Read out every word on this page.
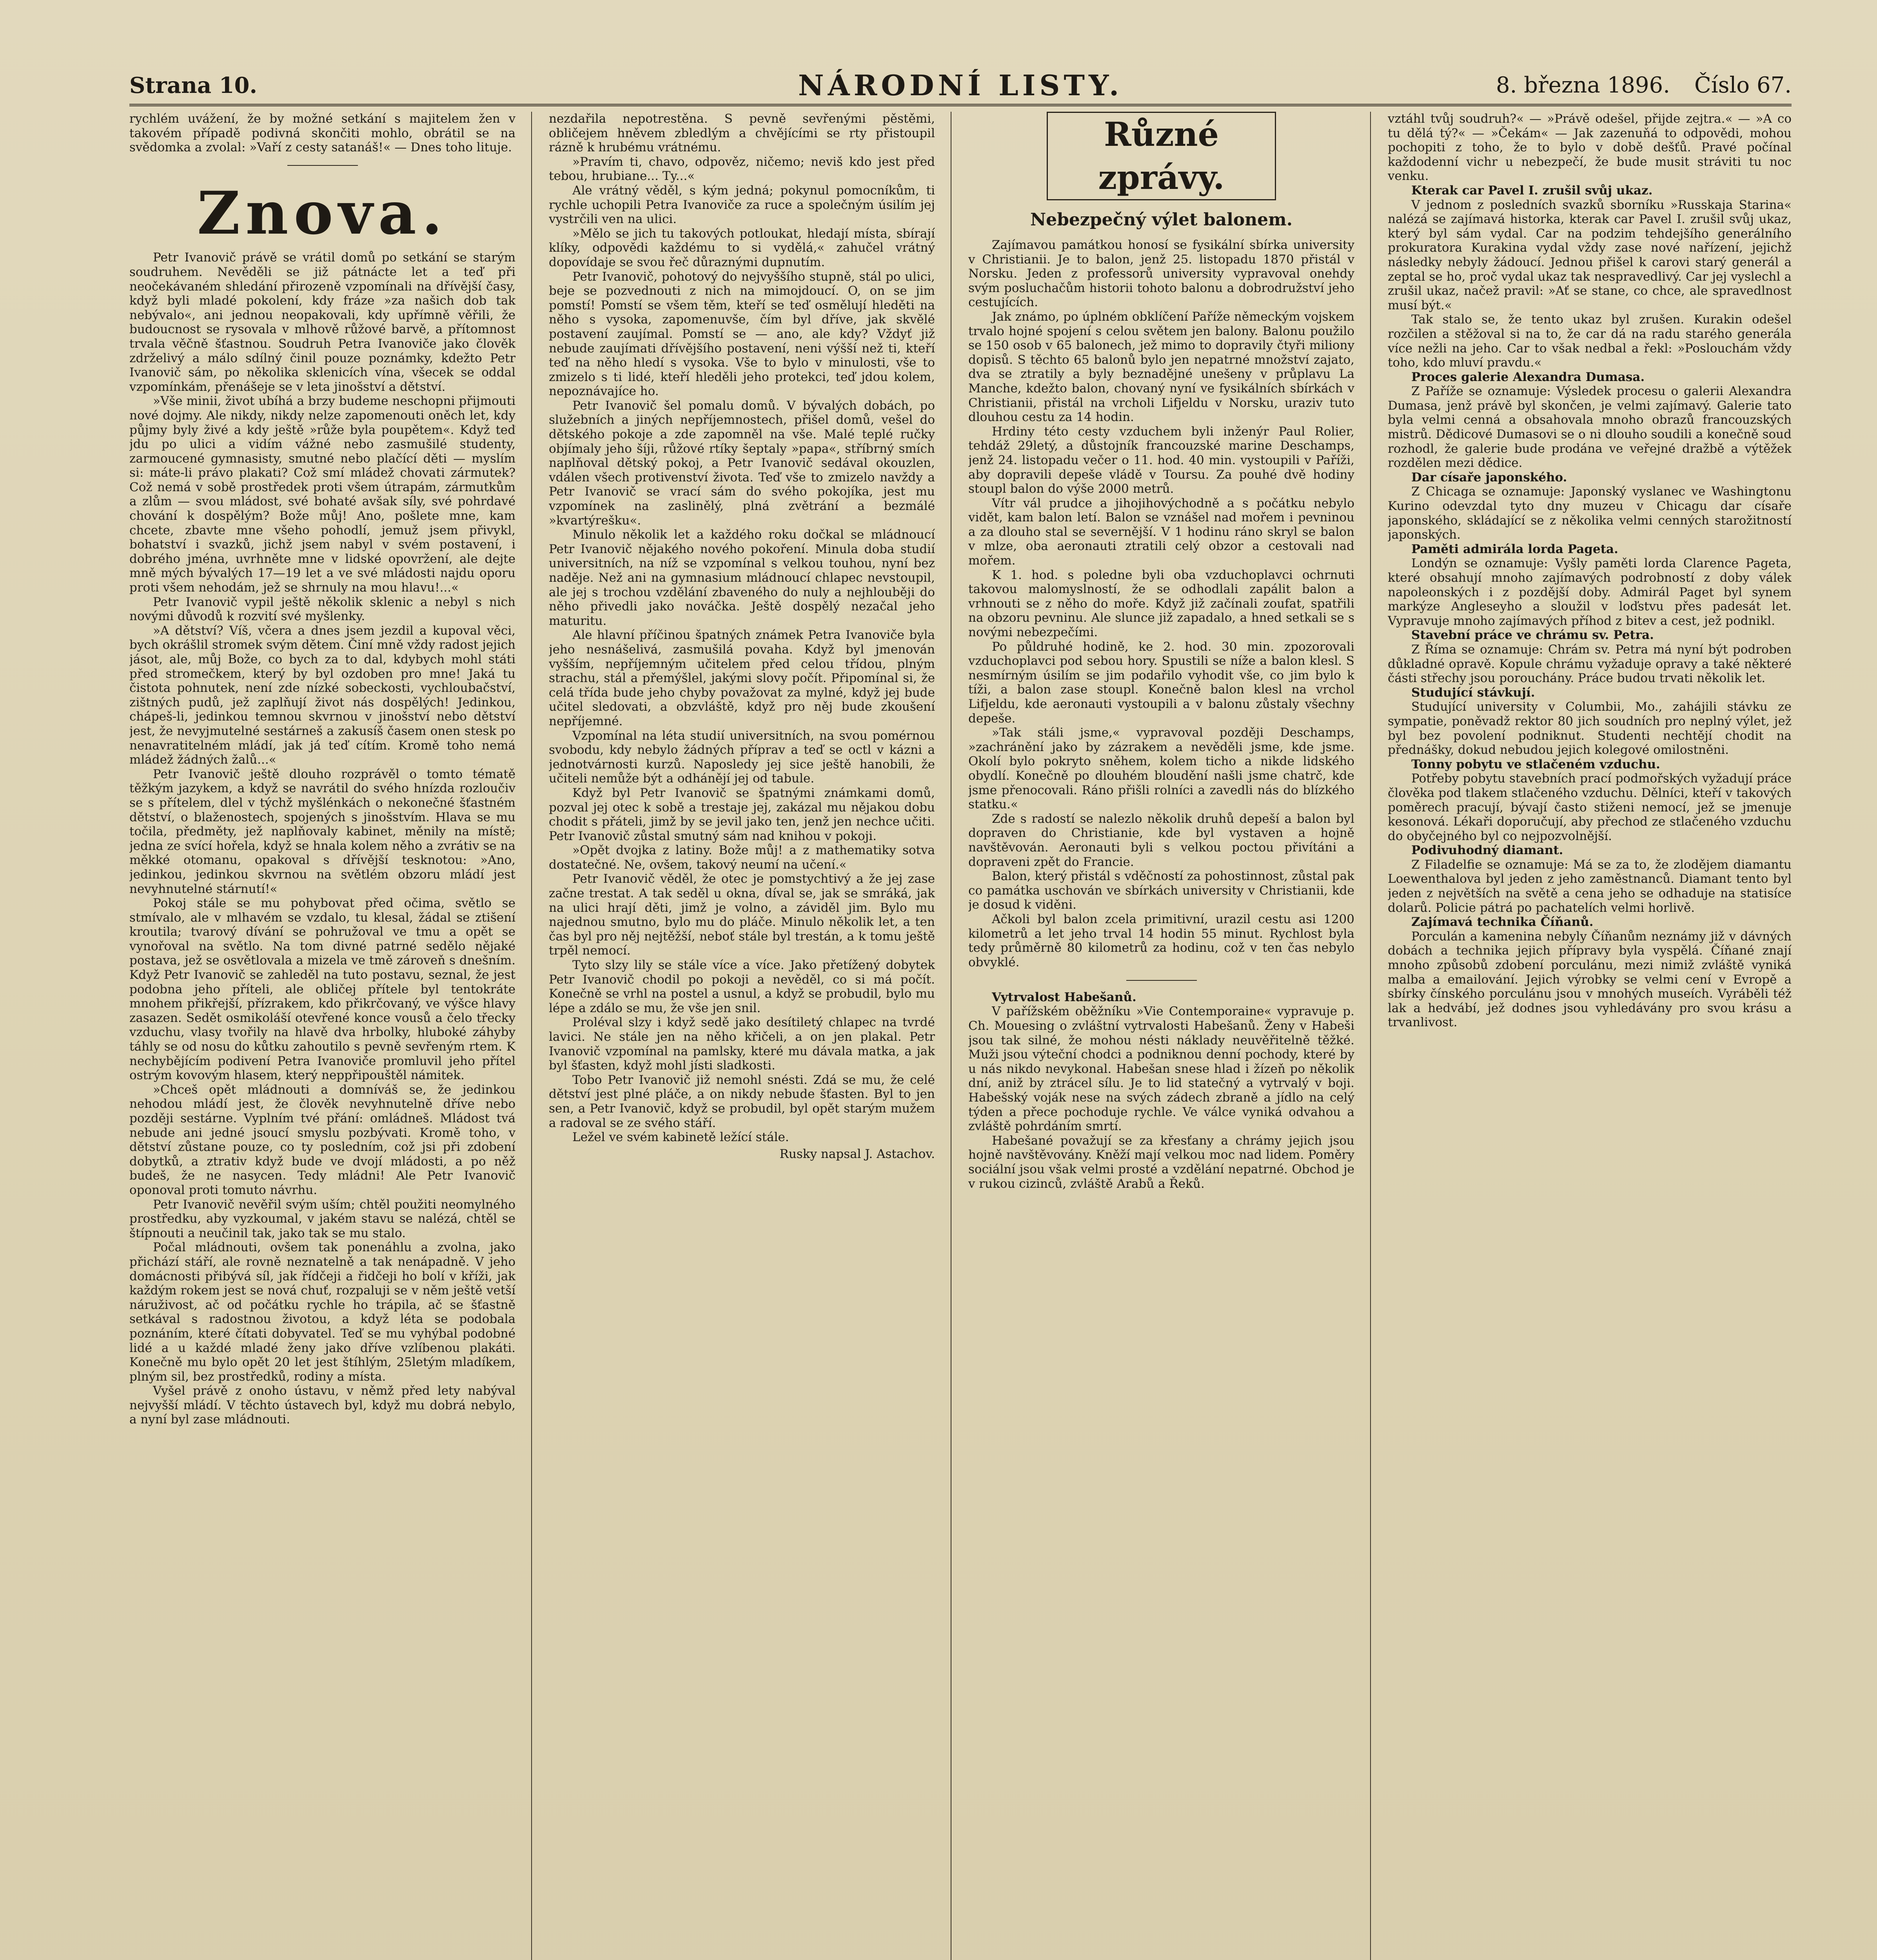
Strana 10.	NÁRODNÍ LISTY.	8. března 1896. Číslo 67.

rychlém uvážení, že by možné setkání s majitelem žen v takovém případě podivná skončiti mohlo, obrátil se na svědomka a zvolal: »Vaří z cesty satanáš!« — Dnes toho lituje.

Znova.

Petr Ivanovič právě se vrátil domů po setkání se starým soudruhem. Nevěděli se již pátnácte let a teď při neočekávaném shledání přirozeně vzpomínali na dřívější časy, když byli mladé pokolení, kdy fráze »za našich dob tak nebývalo«, ani jednou neopakovali, kdy upřímně věřili, že budoucnost se rysovala v mlhově růžové barvě, a přítomnost trvala věčně šťastnou. Soudruh Petra Ivanoviče jako člověk zdrželivý a málo sdílný činil pouze poznámky, kdežto Petr Ivanovič sám, po několika sklenicích vína, všecek se oddal vzpomínkám, přenášeje se v leta jinošství a dětství.

»Vše minii, život ubíhá a brzy budeme neschopni přijmouti nové dojmy. Ale nikdy, nikdy nelze zapomenouti oněch let, kdy půjmy byly živé a kdy ještě »růže byla poupětem«. Když teď jdu po ulici a vidím vážné nebo zasmušilé studenty, zarmoucené gymnasisty, smutné nebo plačící děti — myslím si: máte-li právo plakati? Což smí mládež chovati zármutek? Což nemá v sobě prostředek proti všem útrapám, zármutkům a zlům — svou mládost, své bohaté avšak síly, své pohrdavé chování k dospělým? Bože můj! Ano, pošlete mne, kam chcete, zbavte mne všeho pohodlí, jemuž jsem přivykl, bohatství i svazků, jichž jsem nabyl v svém postavení, i dobrého jména, uvrhněte mne v lidské opovržení, ale dejte mně mých bývalých 17—19 let a ve své mládosti najdu oporu proti všem nehodám, jež se shrnuly na mou hlavu!...«

Petr Ivanovič vypil ještě několik sklenic a nebyl s nich novými důvodů k rozvití své myšlenky.

»A dětství? Víš, včera a dnes jsem jezdil a kupoval věci, bych okrášlil stromek svým dětem. Činí mně vždy radost jejich jásot, ale, můj Bože, co bych za to dal, kdybych mohl státi před stromečkem, který by byl ozdoben pro mne! Jaká tu čistota pohnutek, není zde nízké sobeckosti, vychloubačství, zištných pudů, jež zaplňují život nás dospělých! Jedinkou, chápeš-li, jedinkou temnou skvrnou v jinošství nebo dětství jest, že nevyjmutelné sestárneš a zakusíš časem onen stesk po nenavratitelném mládí, jak já teď cítím. Kromě toho nemá mládež žádných žalů...«

Petr Ivanovič ještě dlouho rozprávěl o tomto tématě těžkým jazykem, a když se navrátil do svého hnízda rozloučiv se s přítelem, dlel v týchž myšlénkách o nekonečné šťastném dětství, o blaženostech, spojených s jinošstvím. Hlava se mu točila, předměty, jež naplňovaly kabinet, měnily na místě; jedna ze svící hořela, když se hnala kolem něho a zvrátiv se na měkké otomanu, opakoval s dřívější tesknotou: »Ano, jedinkou, jedinkou skvrnou na světlém obzoru mládí jest nevyhnutelné stárnutí!«

Pokoj stále se mu pohybovat před očima, světlo se stmívalo, ale v mlhavém se vzdalo, tu klesal, žádal se ztišení kroutila; tvarový dívání se pohružoval ve tmu a opět se vynořoval na světlo. Na tom divné patrné sedělo nějaké postava, jež se osvětlovala a mizela ve tmě zároveň s dnešním. Když Petr Ivanovič se zahleděl na tuto postavu, seznal, že jest podobna jeho příteli, ale obličej přítele byl tentokráte mnohem přikřejší, přízrakem, kdo přikrčovaný, ve výšce hlavy zasazen. Sedět osmikoláší otevřené konce vousů a čelo třecky vzduchu, vlasy tvořily na hlavě dva hrbolky, hluboké záhyby táhly se od nosu do kůtku zahoutilo s pevně sevřeným rtem. K nechybějícím podivení Petra Ivanoviče promluvil jeho přítel ostrým kovovým hlasem, který neppřipouštěl námitek.

»Chceš opět mládnouti a domníváš se, že jedinkou nehodou mládí jest, že člověk nevyhnutelně dříve nebo později sestárne. Vyplním tvé přání: omládneš. Mládost tvá nebude ani jedné jsoucí smyslu pozbývati. Kromě toho, v dětství zůstane pouze, co ty posledním, což jsi při zdobení dobytků, a ztrativ když bude ve dvojí mládosti, a po něž budeš, že ne nasycen. Tedy mládni! Ale Petr Ivanovič oponoval proti tomuto návrhu.

Petr Ivanovič nevěřil svým uším; chtěl použiti neomylného prostředku, aby vyzkoumal, v jakém stavu se nalézá, chtěl se štípnouti a neučinil tak, jako tak se mu stalo.

Počal mládnouti, ovšem tak ponenáhlu a zvolna, jako přichází stáří, ale rovně neznatelně a tak nenápadně. V jeho domácnosti přibývá síl, jak řídčeji a řidčeji ho bolí v kříži, jak každým rokem jest se nová chuť, rozpaluji se v něm ještě vetší náruživost, ač od počátku rychle ho trápila, ač se šťastně setkával s radostnou životou, a když léta se podobala poznáním, které čítati dobyvatel. Teď se mu vyhýbal podobné lidé a u každé mladé ženy jako dříve vzlíbenou plakáti. Konečně mu bylo opět 20 let jest štíhlým, 25letým mladíkem, plným sil, bez prostředků, rodiny a místa.

Vyšel právě z onoho ústavu, v němž před lety nabýval nejvyšší mládí. V těchto ústavech byl, když mu dobrá nebylo, a nyní byl zase mládnouti.

nezdařila nepotrestěna. S pevně sevřenými pěstěmi, obličejem hněvem zbledlým a chvějícími se rty přistoupil rázně k hrubému vrátnému.

»Pravím ti, chavo, odpověz, ničemo; neviš kdo jest před tebou, hrubiane... Ty...«

Ale vrátný věděl, s kým jedná; pokynul pomocníkům, ti rychle uchopili Petra Ivanoviče za ruce a společným úsilím jej vystrčili ven na ulici.

»Mělo se jich tu takových potloukat, hledají místa, sbírají klíky, odpovědi každému to si vydělá,« zahučel vrátný dopovídaje se svou řeč důraznými dupnutím.

Petr Ivanovič, pohotový do nejvyššího stupně, stál po ulici, beje se pozvednouti z nich na mimojdoucí. O, on se jim pomstí! Pomstí se všem těm, kteří se teď osmělují hleděti na něho s vysoka, zapomenuvše, čím byl dříve, jak skvělé postavení zaujímal. Pomstí se — ano, ale kdy? Vždyť již nebude zaujímati dřívějšího postavení, neni výšší než ti, kteří teď na něho hledí s vysoka. Vše to bylo v minulosti, vše to zmizelo s ti lidé, kteří hleděli jeho protekci, teď jdou kolem, nepoznávajíce ho.

Petr Ivanovič šel pomalu domů. V bývalých dobách, po služebních a jiných nepříjemnostech, přišel domů, vešel do dětského pokoje a zde zapomněl na vše. Malé teplé ručky objímaly jeho šíji, růžové rtíky šeptaly »papa«, stříbrný smích naplňoval dětský pokoj, a Petr Ivanovič sedával okouzlen, vdálen všech protivenství života. Teď vše to zmizelo navždy a Petr Ivanovič se vrací sám do svého pokojíka, jest mu vzpomínek na zaslinělý, plná zvětrání a bezmálé »kvartýrešku«.

Minulo několik let a každého roku dočkal se mládnoucí Petr Ivanovič nějakého nového pokoření. Minula doba studií universitních, na níž se vzpomínal s velkou touhou, nyní bez naděje. Než ani na gymnasium mládnoucí chlapec nevstoupil, ale jej s trochou vzdělání zbaveného do nuly a nejhlouběji do něho přivedli jako nováčka. Ještě dospělý nezačal jeho maturitu.

Ale hlavní příčinou špatných známek Petra Ivanoviče byla jeho nesnášelivá, zasmušilá povaha. Když byl jmenován vyšším, nepříjemným učitelem před celou třídou, plným strachu, stál a přemýšlel, jakými slovy počít. Připomínal si, že celá třída bude jeho chyby považovat za mylné, když jej bude učitel sledovati, a obzvláště, když pro něj bude zkoušení nepříjemné.

Vzpomínal na léta studií universitních, na svou pomérnou svobodu, kdy nebylo žádných příprav a teď se octl v kázni a jednotvárnosti kurzů. Naposledy jej sice ještě hanobili, že učiteli nemůže být a odhánějí jej od tabule.

Když byl Petr Ivanovič se špatnými známkami domů, pozval jej otec k sobě a trestaje jej, zakázal mu nějakou dobu chodit s přáteli, jimž by se jevil jako ten, jenž jen nechce učiti. Petr Ivanovič zůstal smutný sám nad knihou v pokoji.

»Opět dvojka z latiny. Bože můj! a z mathematiky sotva dostatečné. Ne, ovšem, takový neumí na učení.«

Petr Ivanovič věděl, že otec je pomstychtivý a že jej zase začne trestat. A tak seděl u okna, díval se, jak se smráká, jak na ulici hrají děti, jimž je volno, a záviděl jim. Bylo mu najednou smutno, bylo mu do pláče. Minulo několik let, a ten čas byl pro něj nejtěžší, neboť stále byl trestán, a k tomu ještě trpěl nemocí.

Tyto slzy lily se stále více a více. Jako přetížený dobytek Petr Ivanovič chodil po pokoji a nevěděl, co si má počít. Konečně se vrhl na postel a usnul, a když se probudil, bylo mu lépe a zdálo se mu, že vše jen snil.

Proléval slzy i když sedě jako desítiletý chlapec na tvrdé lavici. Ne stále jen na něho křičeli, a on jen plakal. Petr Ivanovič vzpomínal na pamlsky, které mu dávala matka, a jak byl šťasten, když mohl jísti sladkosti.

Tobo Petr Ivanovič již nemohl snésti. Zdá se mu, že celé dětství jest plné pláče, a on nikdy nebude šťasten. Byl to jen sen, a Petr Ivanovič, když se probudil, byl opět starým mužem a radoval se ze svého stáří.

Ležel ve svém kabinetě ležící stále.

Rusky napsal J. Astachov.
Různé zprávy.
Nebezpečný výlet balonem.

Zajímavou památkou honosí se fysikální sbírka university v Christianii. Je to balon, jenž 25. listopadu 1870 přistál v Norsku. Jeden z professorů university vypravoval onehdy svým posluchačům historii tohoto balonu a dobrodružství jeho cestujících.

Jak známo, po úplném obklíčení Paříže německým vojskem trvalo hojné spojení s celou světem jen balony. Balonu použilo se 150 osob v 65 balonech, jež mimo to dopravily čtyři miliony dopisů. S těchto 65 balonů bylo jen nepatrné množství zajato, dva se ztratily a byly beznadějné unešeny v průplavu La Manche, kdežto balon, chovaný nyní ve fysikálních sbírkách v Christianii, přistál na vrcholi Lifjeldu v Norsku, uraziv tuto dlouhou cestu za 14 hodin.

Hrdiny této cesty vzduchem byli inženýr Paul Rolier, tehdáž 29letý, a důstojník francouzské marine Deschamps, jenž 24. listopadu večer o 11. hod. 40 min. vystoupili v Paříži, aby dopravili depeše vládě v Toursu. Za pouhé dvě hodiny stoupl balon do výše 2000 metrů.

Vítr vál prudce a jihojihovýchodně a s počátku nebylo vidět, kam balon letí. Balon se vznášel nad mořem i pevninou a za dlouho stal se severnější. V 1 hodinu ráno skryl se balon v mlze, oba aeronauti ztratili celý obzor a cestovali nad mořem.

K 1. hod. s poledne byli oba vzduchoplavci ochrnuti takovou malomyslností, že se odhodlali zapálit balon a vrhnouti se z něho do moře. Když již začínali zoufat, spatřili na obzoru pevninu. Ale slunce již zapadalo, a hned setkali se s novými nebezpečími.

Po půldruhé hodině, ke 2. hod. 30 min. zpozorovali vzduchoplavci pod sebou hory. Spustili se níže a balon klesl. S nesmírným úsilím se jim podařilo vyhodit vše, co jim bylo k tíži, a balon zase stoupl. Konečně balon klesl na vrchol Lifjeldu, kde aeronauti vystoupili a v balonu zůstaly všechny depeše.

»Tak stáli jsme,« vypravoval později Deschamps, »zachránění jako by zázrakem a nevěděli jsme, kde jsme. Okolí bylo pokryto sněhem, kolem ticho a nikde lidského obydlí. Konečně po dlouhém bloudění našli jsme chatrč, kde jsme přenocovali. Ráno přišli rolníci a zavedli nás do blízkého statku.«

Zde s radostí se nalezlo několik druhů depeší a balon byl dopraven do Christianie, kde byl vystaven a hojně navštěvován. Aeronauti byli s velkou poctou přivítáni a dopraveni zpět do Francie.

Balon, který přistál s vděčností za pohostinnost, zůstal pak co památka uschován ve sbírkách university v Christianii, kde je dosud k viděni.

Ačkoli byl balon zcela primitivní, urazil cestu asi 1200 kilometrů a let jeho trval 14 hodin 55 minut. Rychlost byla tedy průměrně 80 kilometrů za hodinu, což v ten čas nebylo obvyklé.

Vytrvalost Habešanů.

V pařížském oběžníku »Vie Contemporaine« vypravuje p. Ch. Mouesing o zvláštní vytrvalosti Habešanů. Ženy v Habeši jsou tak silné, že mohou nésti náklady neuvěřitelně těžké. Muži jsou výteční chodci a podniknou denní pochody, které by u nás nikdo nevykonal. Habešan snese hlad i žízeň po několik dní, aniž by ztrácel sílu. Je to lid statečný a vytrvalý v boji. Habešský voják nese na svých zádech zbraně a jídlo na celý týden a přece pochoduje rychle. Ve válce vyniká odvahou a zvláště pohrdáním smrtí.

Habešané považují se za křesťany a chrámy jejich jsou hojně navštěvovány. Kněží mají velkou moc nad lidem. Poměry sociální jsou však velmi prosté a vzdělání nepatrné. Obchod je v rukou cizinců, zvláště Arabů a Řeků.

vztáhl tvůj soudruh?« — »Právě odešel, přijde zejtra.« — »A co tu dělá tý?« — »Čekám« — Jak zazenuňá to odpovědi, mohou pochopiti z toho, že to bylo v době dešťů. Pravé počínal každodenní vichr u nebezpečí, že bude musit stráviti tu noc venku.

Kterak car Pavel I. zrušil svůj ukaz.

V jednom z posledních svazků sborníku »Russkaja Starina« nalézá se zajímavá historka, kterak car Pavel I. zrušil svůj ukaz, který byl sám vydal. Car na podzim tehdejšího generálního prokuratora Kurakina vydal vždy zase nové nařízení, jejichž následky nebyly žádoucí. Jednou přišel k carovi starý generál a zeptal se ho, proč vydal ukaz tak nespravedlivý. Car jej vyslechl a zrušil ukaz, načež pravil: »Ať se stane, co chce, ale spravedlnost musí být.«

Tak stalo se, že tento ukaz byl zrušen. Kurakin odešel rozčilen a stěžoval si na to, že car dá na radu starého generála více nežli na jeho. Car to však nedbal a řekl: »Poslouchám vždy toho, kdo mluví pravdu.«

Proces galerie Alexandra Dumasa.

Z Paříže se oznamuje: Výsledek procesu o galerii Alexandra Dumasa, jenž právě byl skončen, je velmi zajímavý. Galerie tato byla velmi cenná a obsahovala mnoho obrazů francouzských mistrů. Dědicové Dumasovi se o ni dlouho soudili a konečně soud rozhodl, že galerie bude prodána ve veřejné dražbě a výtěžek rozdělen mezi dědice.

Dar císaře japonského.

Z Chicaga se oznamuje: Japonský vyslanec ve Washingtonu Kurino odevzdal tyto dny muzeu v Chicagu dar císaře japonského, skládající se z několika velmi cenných starožitností japonských.

Paměti admirála lorda Pageta.

Londýn se oznamuje: Vyšly paměti lorda Clarence Pageta, které obsahují mnoho zajímavých podrobností z doby válek napoleonských i z pozdější doby. Admirál Paget byl synem markýze Angleseyho a sloužil v loďstvu přes padesát let. Vypravuje mnoho zajímavých příhod z bitev a cest, jež podnikl.

Stavební práce ve chrámu sv. Petra.

Z Říma se oznamuje: Chrám sv. Petra má nyní být podroben důkladné opravě. Kopule chrámu vyžaduje opravy a také některé části střechy jsou porouchány. Práce budou trvati několik let.

Studující stávkují.

Studující university v Columbii, Mo., zahájili stávku ze sympatie, poněvadž rektor 80 jich soudních pro neplný výlet, jež byl bez povolení podniknut. Studenti nechtějí chodit na přednášky, dokud nebudou jejich kolegové omilostněni.

Tonny pobytu ve stlačeném vzduchu.

Potřeby pobytu stavebních prací podmořských vyžadují práce člověka pod tlakem stlačeného vzduchu. Dělníci, kteří v takových poměrech pracují, bývají často stiženi nemocí, jež se jmenuje kesonová. Lékaři doporučují, aby přechod ze stlačeného vzduchu do obyčejného byl co nejpozvolnější.

Podivuhodný diamant.

Z Filadelfie se oznamuje: Má se za to, že zlodějem diamantu Loewenthalova byl jeden z jeho zaměstnanců. Diamant tento byl jeden z největších na světě a cena jeho se odhaduje na statisíce dolarů. Policie pátrá po pachatelích velmi horlivě.

Zajímavá technika Číňanů.

Porculán a kamenina nebyly Číňanům neznámy již v dávných dobách a technika jejich přípravy byla vyspělá. Číňané znají mnoho způsobů zdobení porculánu, mezi nimiž zvláště vyniká malba a emailování. Jejich výrobky se velmi cení v Evropě a sbírky čínského porculánu jsou v mnohých museích. Vyráběli též lak a hedvábí, jež dodnes jsou vyhledávány pro svou krásu a trvanlivost.
